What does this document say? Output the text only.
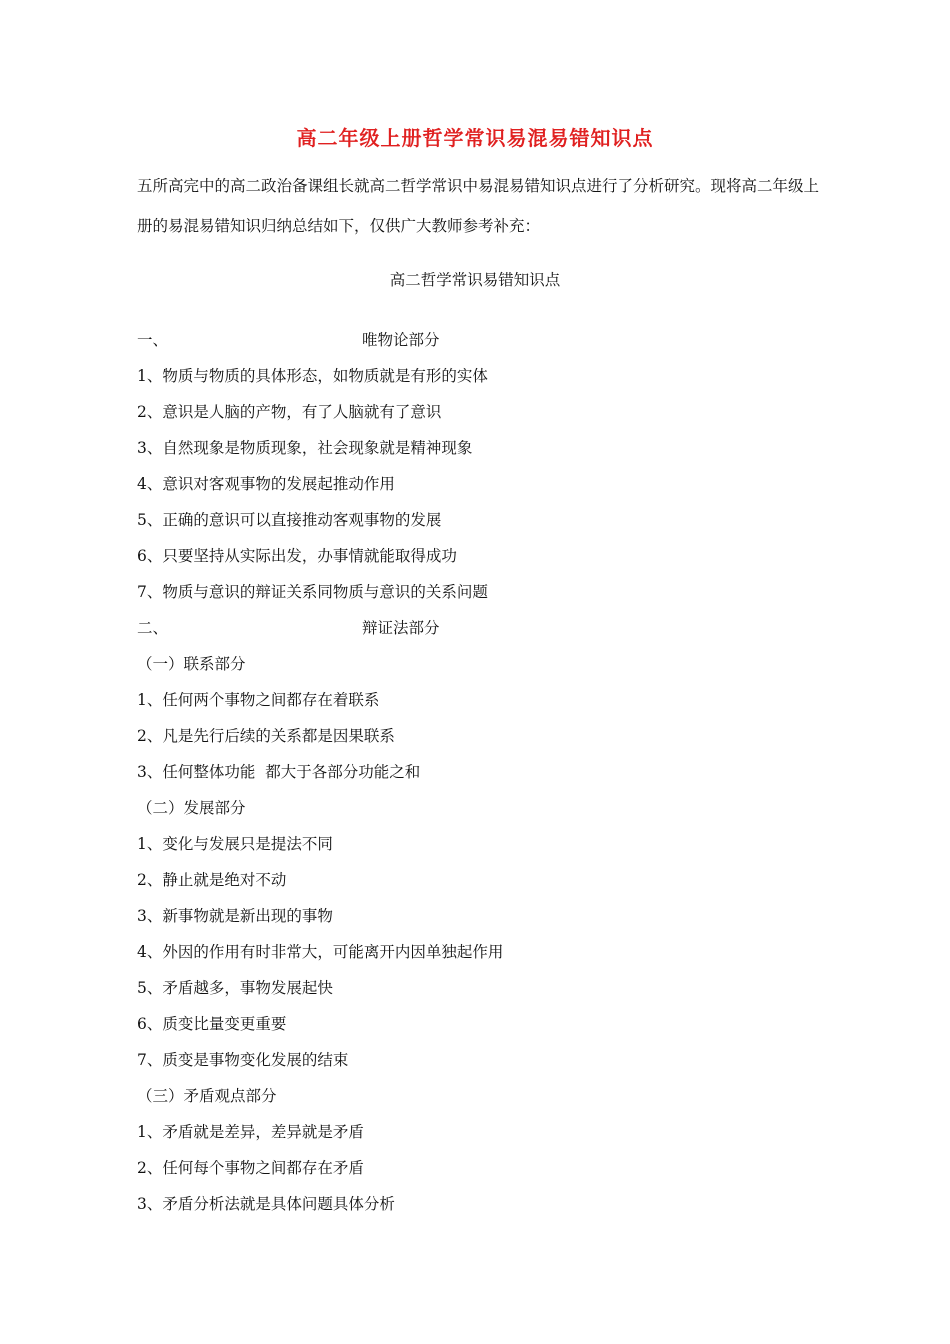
高二年级上册哲学常识易混易错知识点

五所高完中的高二政治备课组长就高二哲学常识中易混易错知识点进行了分析研究。现将高二年级上册的易混易错知识归纳总结如下，仅供广大教师参考补充：

高二哲学常识易错知识点
一、	唯物论部分
1、物质与物质的具体形态，如物质就是有形的实体
2、意识是人脑的产物，有了人脑就有了意识
3、自然现象是物质现象，社会现象就是精神现象
4、意识对客观事物的发展起推动作用
5、正确的意识可以直接推动客观事物的发展
6、只要坚持从实际出发，办事情就能取得成功
7、物质与意识的辩证关系同物质与意识的关系问题
二、	辩证法部分
（一）联系部分
1、任何两个事物之间都存在着联系
2、凡是先行后续的关系都是因果联系
3、任何整体功能  都大于各部分功能之和
（二）发展部分
1、变化与发展只是提法不同
2、静止就是绝对不动
3、新事物就是新出现的事物
4、外因的作用有时非常大，可能离开内因单独起作用
5、矛盾越多，事物发展起快
6、质变比量变更重要
7、质变是事物变化发展的结束
（三）矛盾观点部分
1、矛盾就是差异，差异就是矛盾
2、任何每个事物之间都存在矛盾
3、矛盾分析法就是具体问题具体分析
